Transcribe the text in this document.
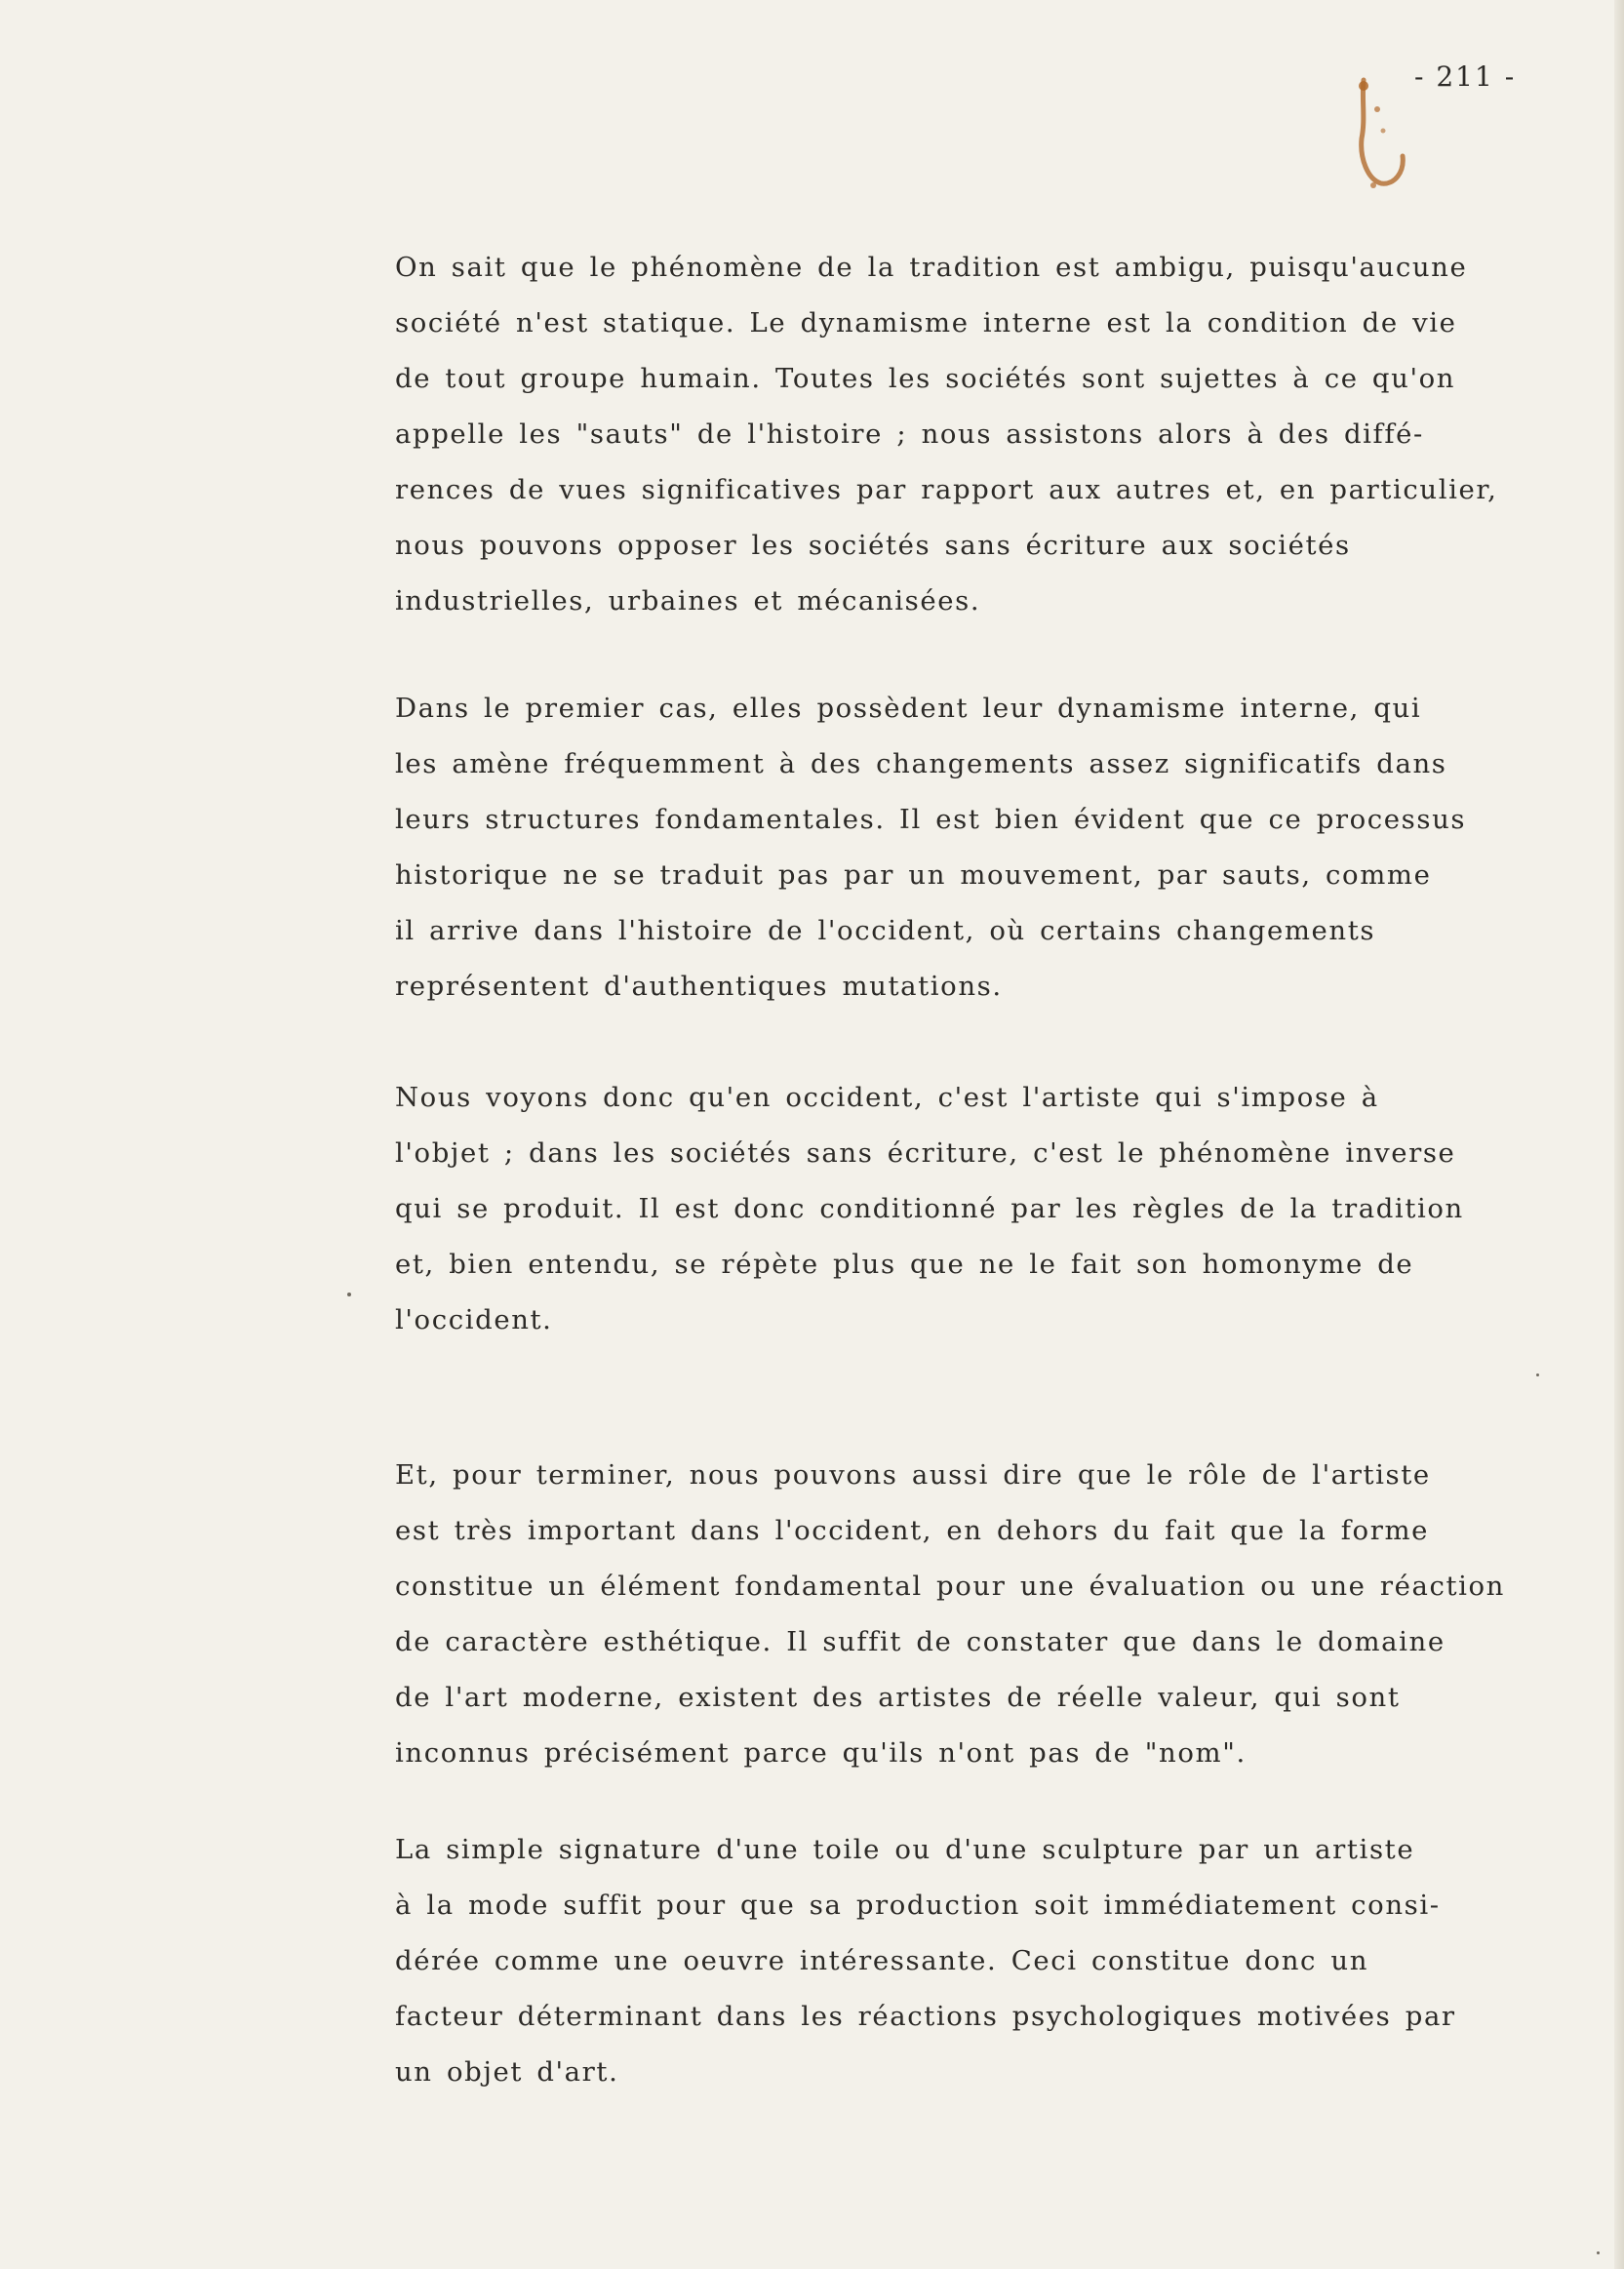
- 211 -

On sait que le phénomène de la tradition est ambigu, puisqu'aucune
société n'est statique. Le dynamisme interne est la condition de vie
de tout groupe humain. Toutes les sociétés sont sujettes à ce qu'on
appelle les "sauts" de l'histoire ; nous assistons alors à des diffé-
rences de vues significatives par rapport aux autres et, en particulier,
nous pouvons opposer les sociétés sans écriture aux sociétés
industrielles, urbaines et mécanisées.

Dans le premier cas, elles possèdent leur dynamisme interne, qui
les amène fréquemment à des changements assez significatifs dans
leurs structures fondamentales. Il est bien évident que ce processus
historique ne se traduit pas par un mouvement, par sauts, comme
il arrive dans l'histoire de l'occident, où certains changements
représentent d'authentiques mutations.

Nous voyons donc qu'en occident, c'est l'artiste qui s'impose à
l'objet ; dans les sociétés sans écriture, c'est le phénomène inverse
qui se produit. Il est donc conditionné par les règles de la tradition
et, bien entendu, se répète plus que ne le fait son homonyme de
l'occident.

Et, pour terminer, nous pouvons aussi dire que le rôle de l'artiste
est très important dans l'occident, en dehors du fait que la forme
constitue un élément fondamental pour une évaluation ou une réaction
de caractère esthétique. Il suffit de constater que dans le domaine
de l'art moderne, existent des artistes de réelle valeur, qui sont
inconnus précisément parce qu'ils n'ont pas de "nom".

La simple signature d'une toile ou d'une sculpture par un artiste
à la mode suffit pour que sa production soit immédiatement consi-
dérée comme une oeuvre intéressante. Ceci constitue donc un
facteur déterminant dans les réactions psychologiques motivées par
un objet d'art.
